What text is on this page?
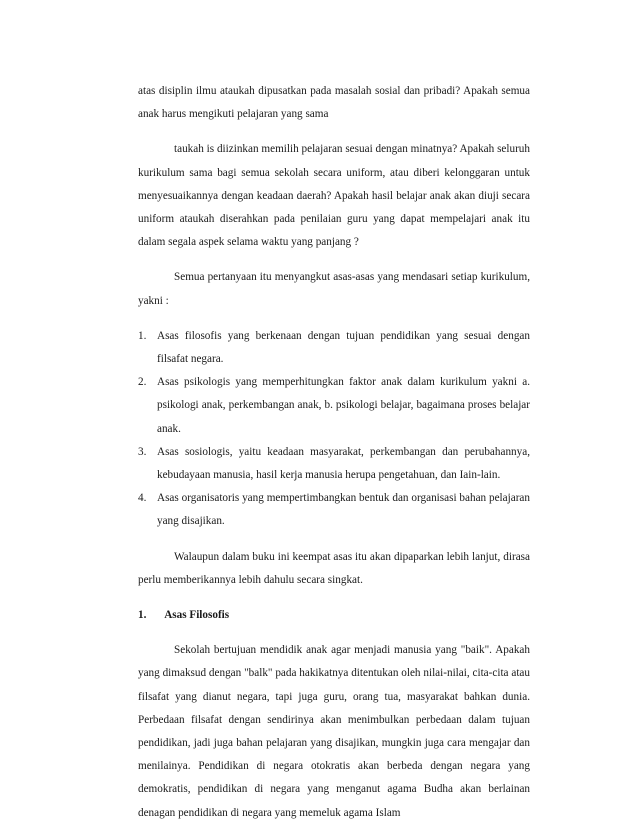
atas disiplin ilmu ataukah dipusatkan pada masalah sosial dan pribadi? Apakah semua anak harus mengikuti pelajaran yang sama

taukah is diizinkan memilih pelajaran sesuai dengan minatnya? Apakah seluruh kurikulum sama bagi semua sekolah secara uniform, atau diberi kelonggaran untuk menyesuaikannya dengan keadaan daerah? Apakah hasil belajar anak akan diuji secara uniform ataukah diserahkan pada penilaian guru yang dapat mempelajari anak itu dalam segala aspek selama waktu yang panjang ?

Semua pertanyaan itu menyangkut asas-asas yang mendasari setiap kurikulum, yakni :

1. Asas filosofis yang berkenaan dengan tujuan pendidikan yang sesuai dengan filsafat negara.
2. Asas psikologis yang memperhitungkan faktor anak dalam kurikulum yakni a. psikologi anak, perkembangan anak, b. psikologi belajar, bagaimana proses belajar anak.
3. Asas sosiologis, yaitu keadaan masyarakat, perkembangan dan perubahannya, kebudayaan manusia, hasil kerja manusia herupa pengetahuan, dan Iain-lain.
4. Asas organisatoris yang mempertimbangkan bentuk dan organisasi bahan pelajaran yang disajikan.

Walaupun dalam buku ini keempat asas itu akan dipaparkan lebih lanjut, dirasa perlu memberikannya lebih dahulu secara singkat.

1. Asas Filosofis

Sekolah bertujuan mendidik anak agar menjadi manusia yang "baik". Apakah yang dimaksud dengan "balk" pada hakikatnya ditentukan oleh nilai-nilai, cita-cita atau filsafat yang dianut negara, tapi juga guru, orang tua, masyarakat bahkan dunia. Perbedaan filsafat dengan sendirinya akan menimbulkan perbedaan dalam tujuan pendidikan, jadi juga bahan pelajaran yang disajikan, mungkin juga cara mengajar dan menilainya. Pendidikan di negara otokratis akan berbeda dengan negara yang demokratis, pendidikan di negara yang menganut agama Budha akan berlainan denagan pendidikan di negara yang memeluk agama Islam
